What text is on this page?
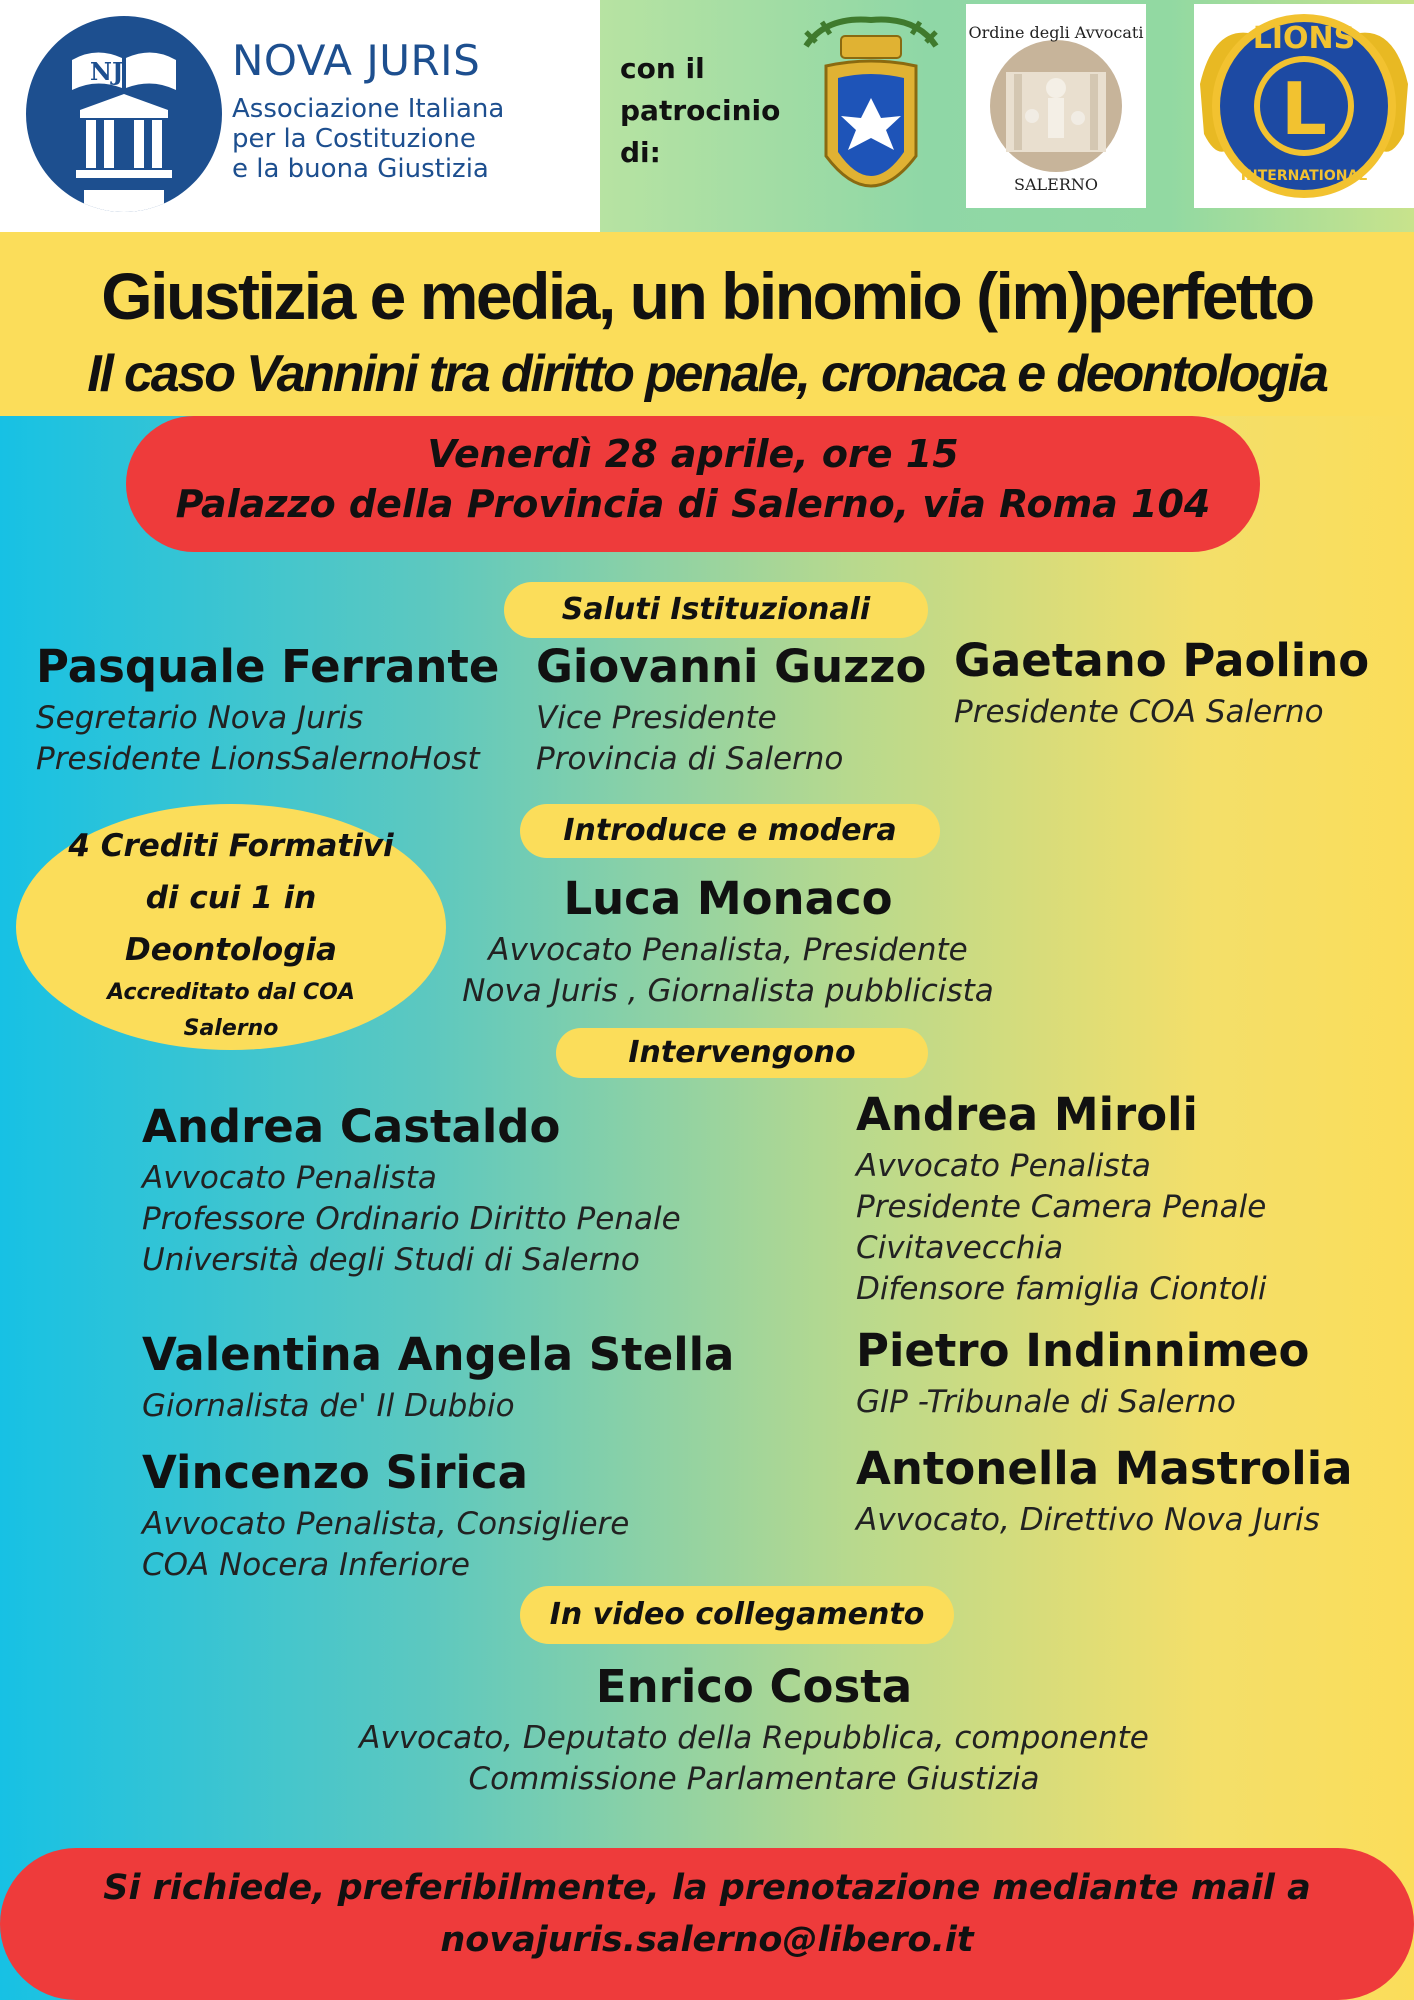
NJ	NOVA JURIS
Associazione Italiana
per la Costituzione
e la buona Giustizia
con il
patrocinio
di:
Ordine degli Avvocati
SALERNO
L
LIONS
INTERNATIONAL
Giustizia e media, un binomio (im)perfetto
Il caso Vannini tra diritto penale, cronaca e deontologia
Venerdì 28 aprile, ore 15
Palazzo della Provincia di Salerno, via Roma 104
Saluti Istituzionali
Pasquale Ferrante
Segretario Nova Juris
Presidente LionsSalernoHost
Giovanni Guzzo
Vice Presidente
Provincia di Salerno
Gaetano Paolino
Presidente COA Salerno
4 Crediti Formativi
di cui 1 in
Deontologia
Accreditato dal COA
Salerno
Introduce e modera
Luca Monaco
Avvocato Penalista, Presidente
Nova Juris , Giornalista pubblicista
Intervengono
Andrea Castaldo
Avvocato Penalista
Professore Ordinario Diritto Penale
Università degli Studi di Salerno
Valentina Angela Stella
Giornalista de' Il Dubbio
Vincenzo Sirica
Avvocato Penalista, Consigliere
COA Nocera Inferiore
Andrea Miroli
Avvocato Penalista
Presidente Camera Penale
Civitavecchia
Difensore famiglia Ciontoli
Pietro Indinnimeo
GIP -Tribunale di Salerno
Antonella Mastrolia
Avvocato, Direttivo Nova Juris
In video collegamento
Enrico Costa
Avvocato, Deputato della Repubblica, componente
Commissione Parlamentare Giustizia
Si richiede, preferibilmente, la prenotazione mediante mail a
novajuris.salerno@libero.it
